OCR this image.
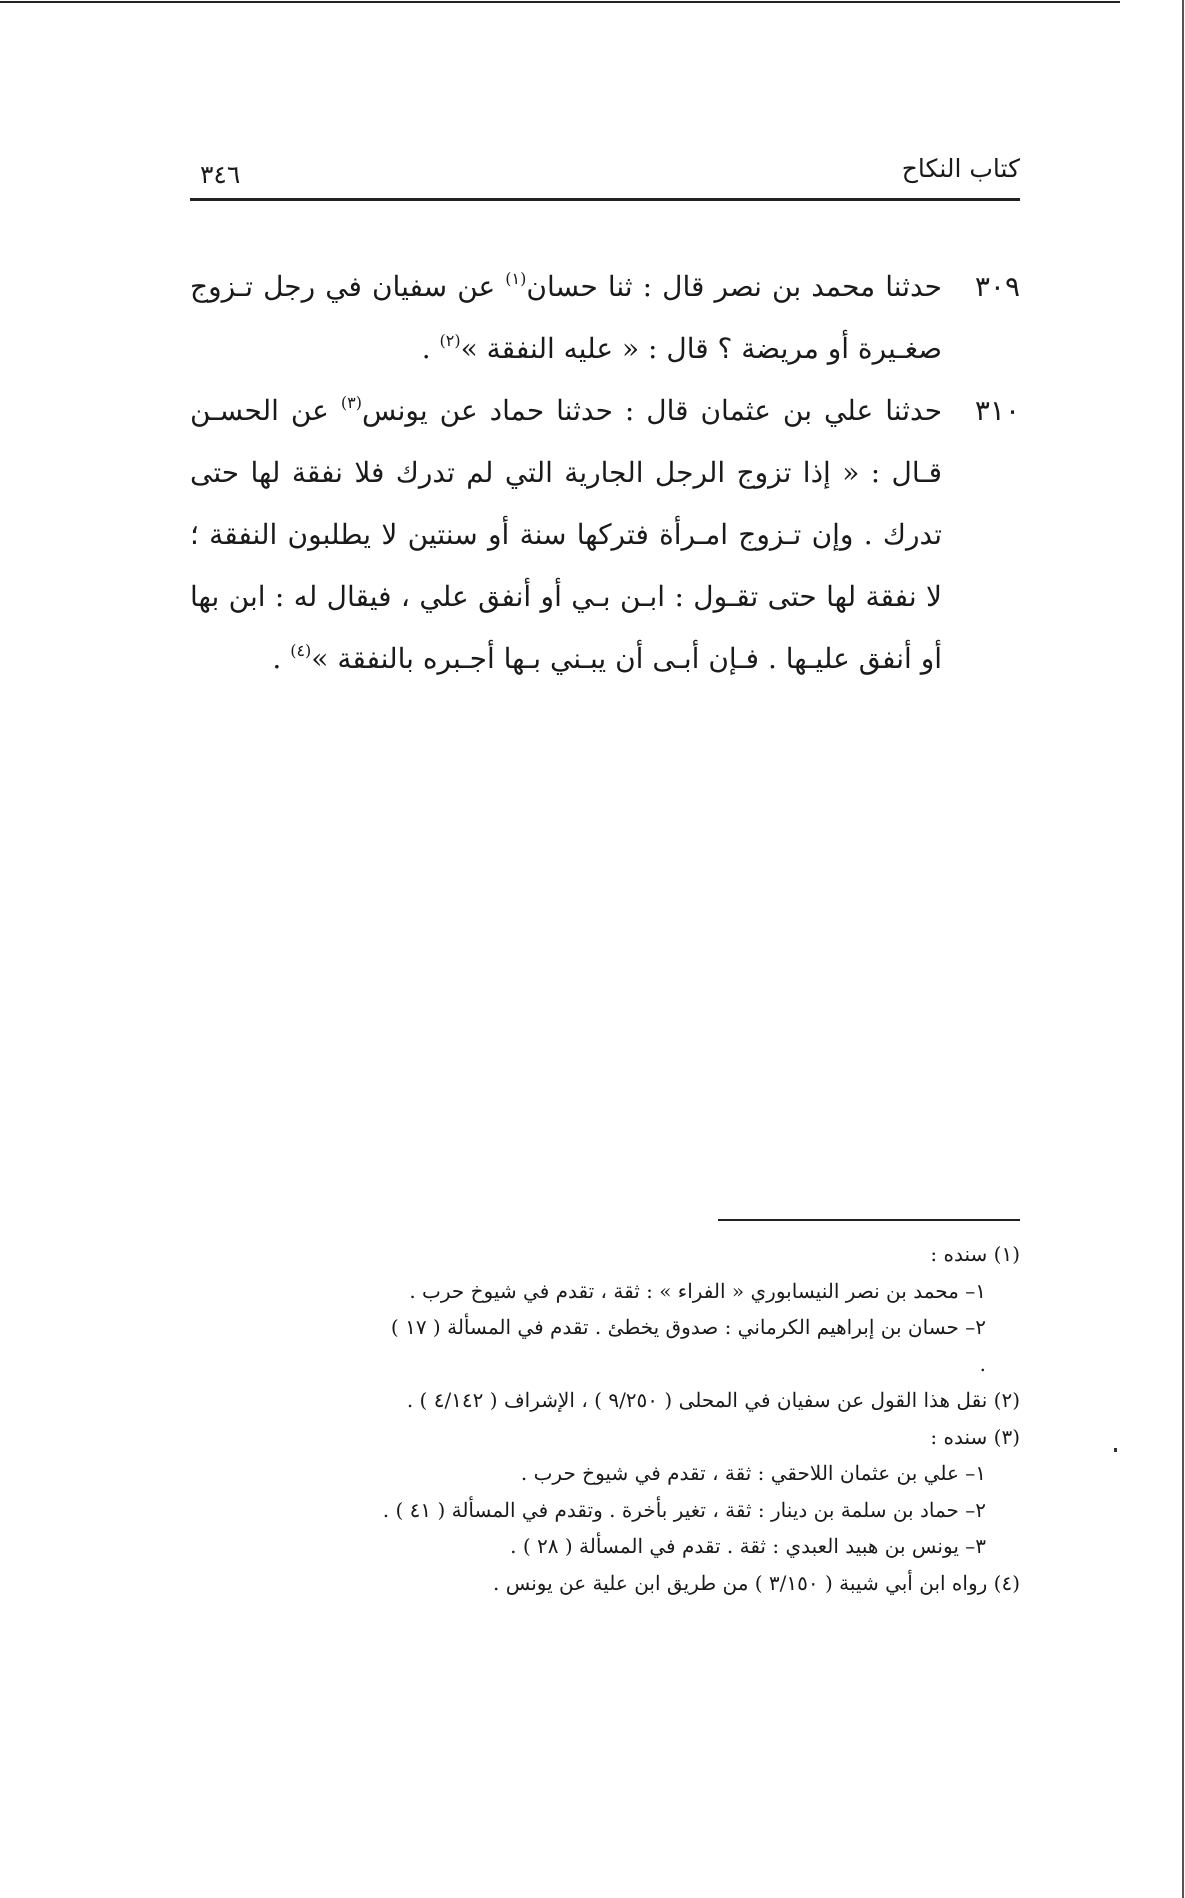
كتاب النكاح
٣٤٦
٣٠٩
حدثنا محمد بن نصر قال : ثنا حسان$^{(١)}$ عن سفيان في رجل تـزوج صغـيرة أو مريضة ؟ قال : « عليه النفقة »$^{(٢)}$ .
٣١٠
حدثنا علي بن عثمان قال : حدثنا حماد عن يونس$^{(٣)}$ عن الحسـن قـال : « إذا تزوج الرجل الجارية التي لم تدرك فلا نفقة لها حتى تدرك . وإن تـزوج امـرأة فتركها سنة أو سنتين لا يطلبون النفقة ؛ لا نفقة لها حتى تقـول : ابـن بـي أو أنفق علي ، فيقال له : ابن بها أو أنفق عليـها . فـإن أبـى أن يبـني بـها أجـبره بالنفقة »$^{(٤)}$ .

(١) سنده :

١– محمد بن نصر النيسابوري « الفراء » : ثقة ، تقدم في شيوخ حرب .

٢– حسان بن إبراهيم الكرماني : صدوق يخطئ . تقدم في المسألة ( ١٧ ) .

(٢) نقل هذا القول عن سفيان في المحلى ( ٩/٢٥٠ ) ، الإشراف ( ٤/١٤٢ ) .

(٣) سنده :

١– علي بن عثمان اللاحقي : ثقة ، تقدم في شيوخ حرب .

٢– حماد بن سلمة بن دينار : ثقة ، تغير بأخرة . وتقدم في المسألة ( ٤١ ) .

٣– يونس بن هبيد العبدي : ثقة . تقدم في المسألة ( ٢٨ ) .

(٤) رواه ابن أبي شيبة ( ٣/١٥٠ ) من طريق ابن علية عن يونس .
